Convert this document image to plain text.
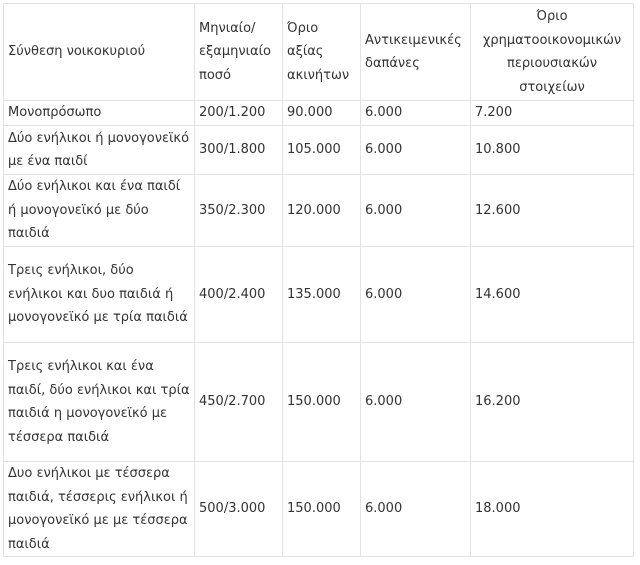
Σύνθεση νοικοκυριού	Μηνιαίο/ εξαμηνιαίο ποσό	Όριο αξίας ακινήτων	Αντικειμενικές δαπάνες	Όριο χρηματοοικονομικών περιουσιακών στοιχείων
Μονοπρόσωπο	200/1.200	90.000	6.000	7.200
Δύο ενήλικοι ή μονογονεϊκό με ένα παιδί	300/1.800	105.000	6.000	10.800
Δύο ενήλικοι και ένα παιδί ή μονογονεϊκό με δύο παιδιά	350/2.300	120.000	6.000	12.600
Τρεις ενήλικοι, δύο ενήλικοι και δυο παιδιά ή μονογονεϊκό με τρία παιδιά	400/2.400	135.000	6.000	14.600
Τρεις ενήλικοι και ένα παιδί, δύο ενήλικοι και τρία παιδιά η μονογονεϊκό με τέσσερα παιδιά	450/2.700	150.000	6.000	16.200
Δυο ενήλικοι με τέσσερα παιδιά, τέσσερις ενήλικοι ή μονογονεϊκό με με τέσσερα παιδιά	500/3.000	150.000	6.000	18.000
